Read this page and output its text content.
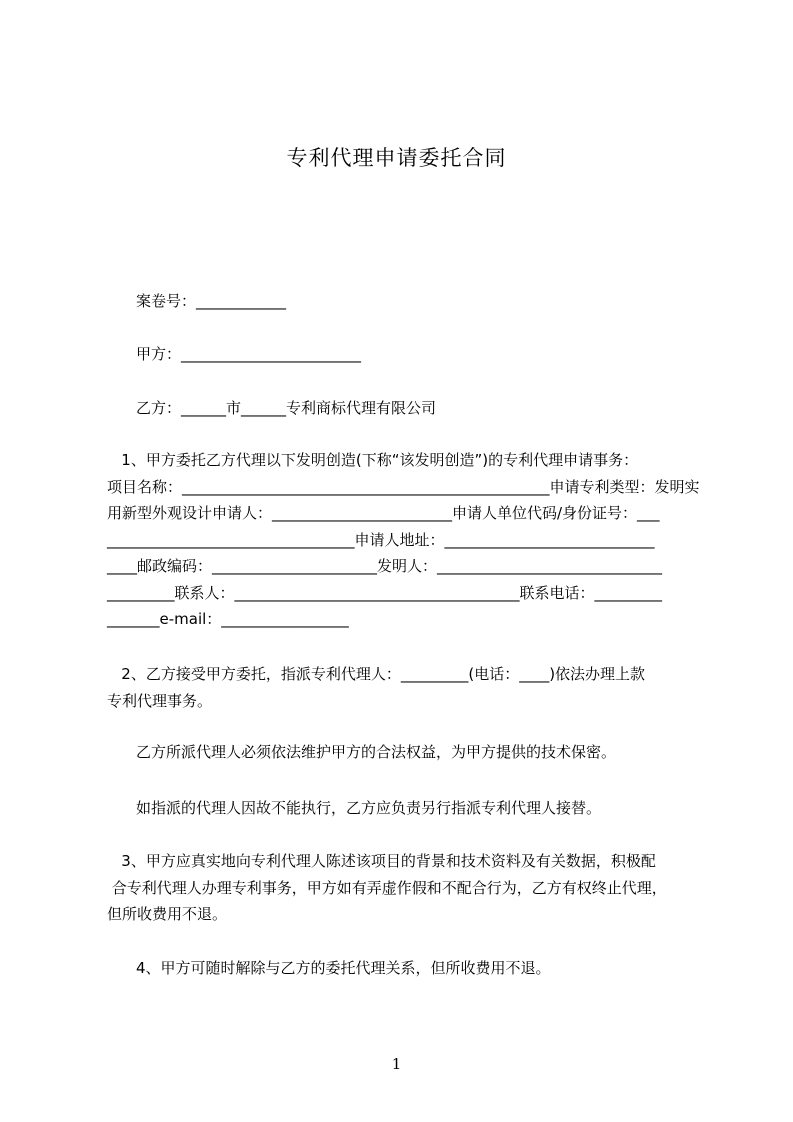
专利代理申请委托合同
案卷号：____________
甲方：________________________
乙方：______市______专利商标代理有限公司
1、甲方委托乙方代理以下发明创造(下称“该发明创造”)的专利代理申请事务：
项目名称：_________________________________________________申请专利类型：发明实
用新型外观设计申请人：________________________申请人单位代码/身份证号：___
_________________________________申请人地址：____________________________
____邮政编码：______________________发明人：______________________________
_________联系人：______________________________________联系电话：_________
_______e-mail：_________________
2、乙方接受甲方委托，指派专利代理人：_________(电话：____)依法办理上款
专利代理事务。
乙方所派代理人必须依法维护甲方的合法权益，为甲方提供的技术保密。
如指派的代理人因故不能执行，乙方应负责另行指派专利代理人接替。
3、甲方应真实地向专利代理人陈述该项目的背景和技术资料及有关数据，积极配
合专利代理人办理专利事务，甲方如有弄虚作假和不配合行为，乙方有权终止代理，
但所收费用不退。
4、甲方可随时解除与乙方的委托代理关系，但所收费用不退。
1
